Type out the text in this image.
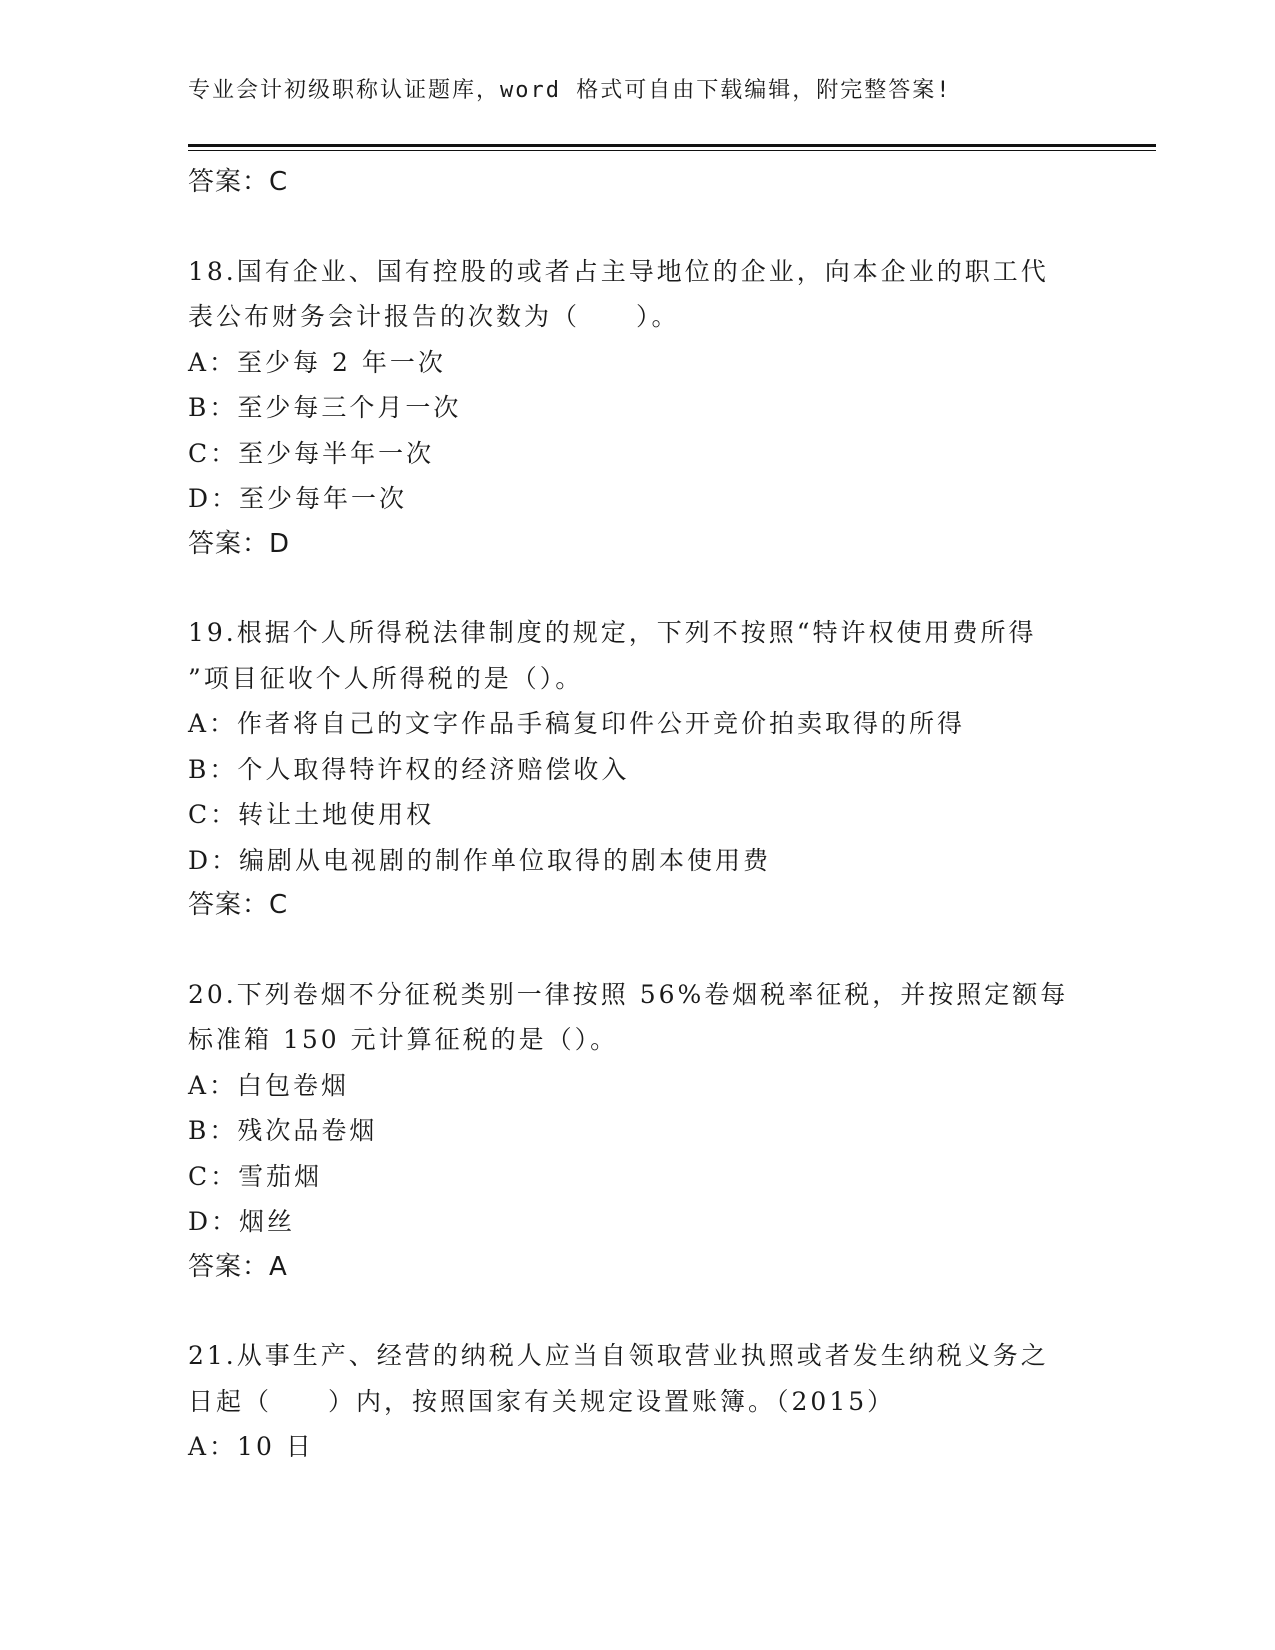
专业会计初级职称认证题库，word 格式可自由下载编辑，附完整答案!
答案：C
18.国有企业、国有控股的或者占主导地位的企业，向本企业的职工代
表公布财务会计报告的次数为（　　）。
A：至少每 2 年一次
B：至少每三个月一次
C：至少每半年一次
D：至少每年一次
答案：D
19.根据个人所得税法律制度的规定，下列不按照“特许权使用费所得
”项目征收个人所得税的是（）。
A：作者将自己的文字作品手稿复印件公开竞价拍卖取得的所得
B：个人取得特许权的经济赔偿收入
C：转让土地使用权
D：编剧从电视剧的制作单位取得的剧本使用费
答案：C
20.下列卷烟不分征税类别一律按照 56%卷烟税率征税，并按照定额每
标准箱 150 元计算征税的是（）。
A：白包卷烟
B：残次品卷烟
C：雪茄烟
D：烟丝
答案：A
21.从事生产、经营的纳税人应当自领取营业执照或者发生纳税义务之
日起（　　）内，按照国家有关规定设置账簿。（2015）
A：10 日
